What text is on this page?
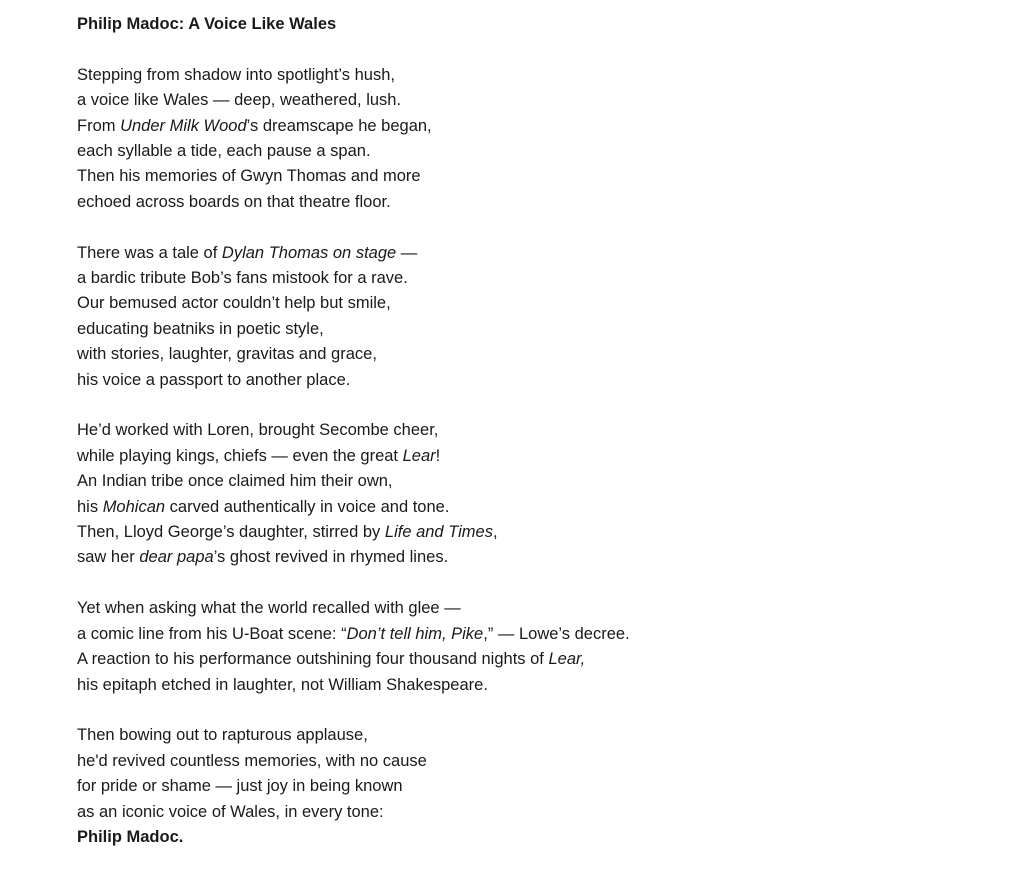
Philip Madoc: A Voice Like Wales
Stepping from shadow into spotlight’s hush,
a voice like Wales — deep, weathered, lush.
From Under Milk Wood’s dreamscape he began,
each syllable a tide, each pause a span.
Then his memories of Gwyn Thomas and more
echoed across boards on that theatre floor.
There was a tale of Dylan Thomas on stage —
a bardic tribute Bob’s fans mistook for a rave.
Our bemused actor couldn’t help but smile,
educating beatniks in poetic style,
with stories, laughter, gravitas and grace,
his voice a passport to another place.
He’d worked with Loren, brought Secombe cheer,
while playing kings, chiefs — even the great Lear!
An Indian tribe once claimed him their own,
his Mohican carved authentically in voice and tone.
Then, Lloyd George’s daughter, stirred by Life and Times,
saw her dear papa’s ghost revived in rhymed lines.
Yet when asking what the world recalled with glee —
a comic line from his U-Boat scene: “Don’t tell him, Pike,” — Lowe’s decree.
A reaction to his performance outshining four thousand nights of Lear,
his epitaph etched in laughter, not William Shakespeare.
Then bowing out to rapturous applause,
he'd revived countless memories, with no cause
for pride or shame — just joy in being known
as an iconic voice of Wales, in every tone:
Philip Madoc.
